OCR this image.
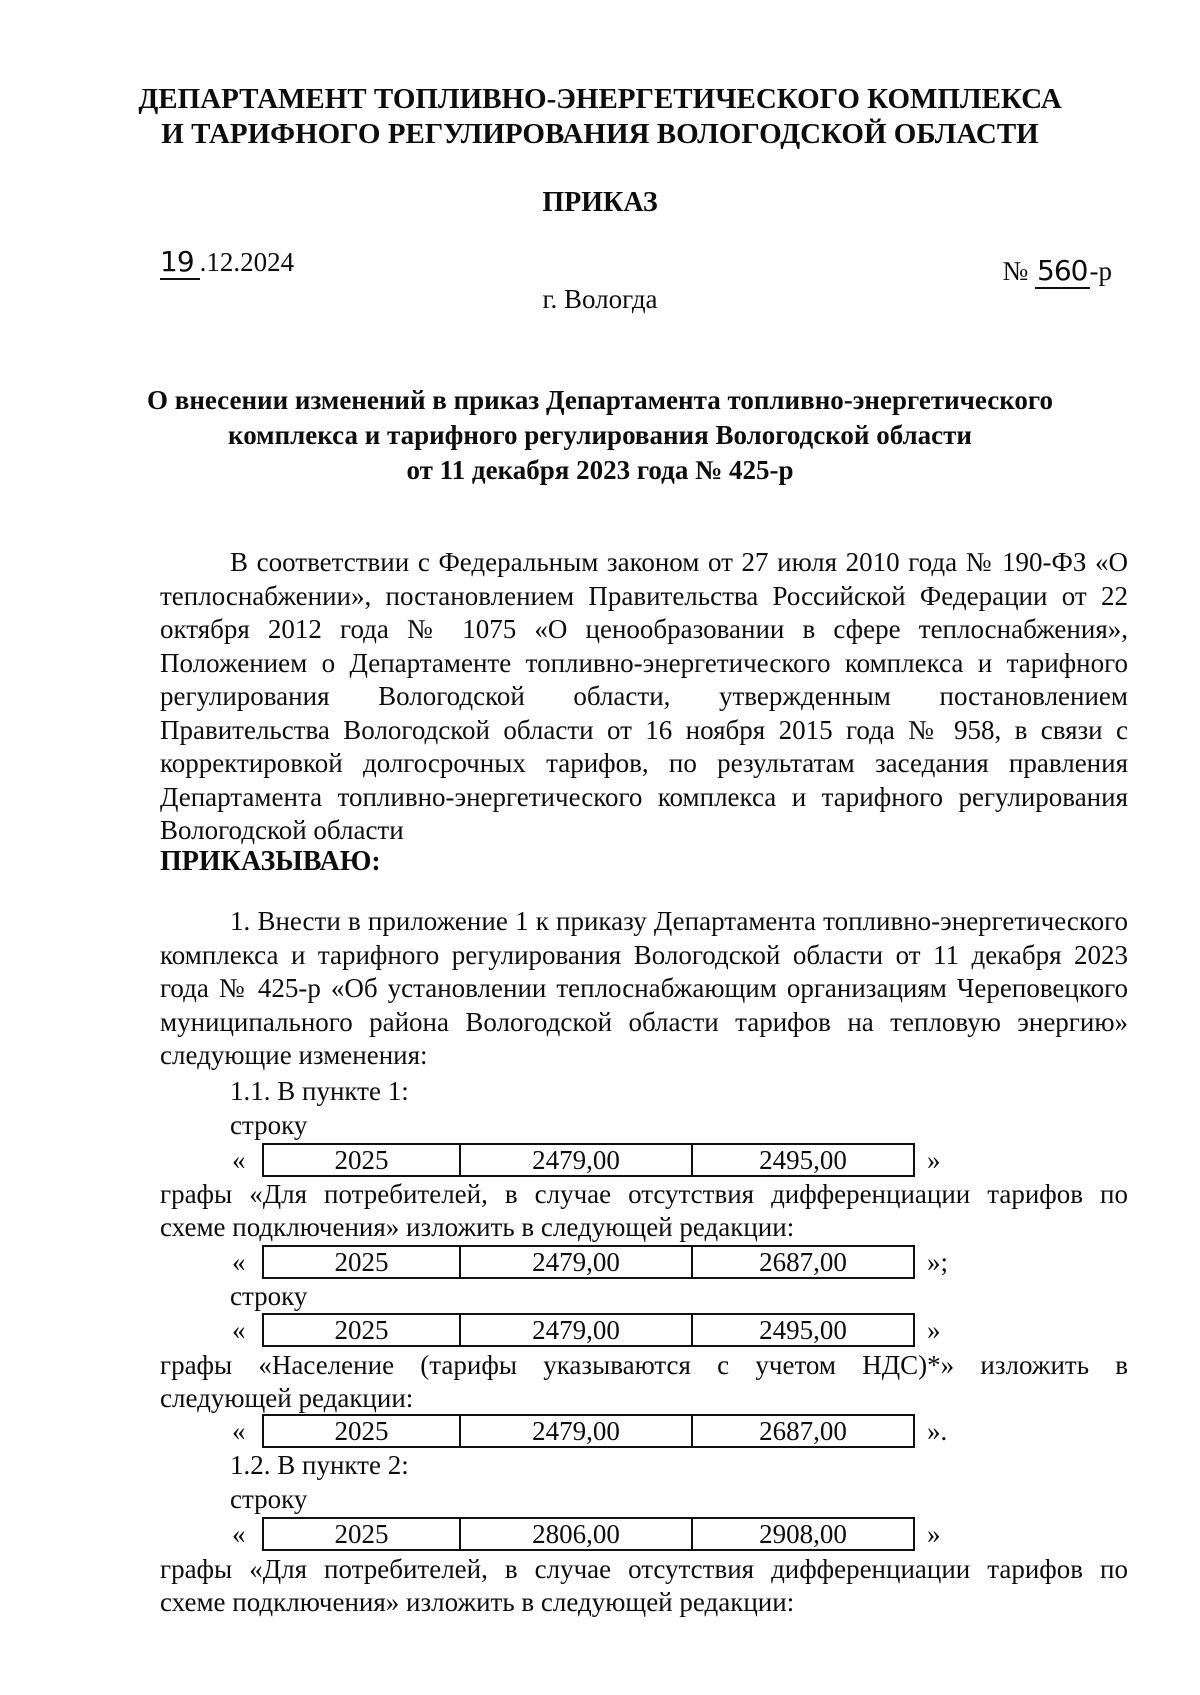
ДЕПАРТАМЕНТ ТОПЛИВНО-ЭНЕРГЕТИЧЕСКОГО КОМПЛЕКСА
И ТАРИФНОГО РЕГУЛИРОВАНИЯ ВОЛОГОДСКОЙ ОБЛАСТИ
ПРИКАЗ
19 .12.2024	№ 560-р
г. Вологда
О внесении изменений в приказ Департамента топливно-энергетического
комплекса и тарифного регулирования Вологодской области
от 11 декабря 2023 года № 425-р
В соответствии с Федеральным законом от 27 июля 2010 года № 190-ФЗ «О теплоснабжении», постановлением Правительства Российской Федерации от 22 октября 2012 года № 1075 «О ценообразовании в сфере теплоснабжения», Положением о Департаменте топливно-энергетического комплекса и тарифного регулирования Вологодской области, утвержденным постановлением Правительства Вологодской области от 16 ноября 2015 года № 958, в связи с корректировкой долгосрочных тарифов, по результатам заседания правления Департамента топливно-энергетического комплекса и тарифного регулирования Вологодской области
ПРИКАЗЫВАЮ:
1. Внести в приложение 1 к приказу Департамента топливно-энергетического комплекса и тарифного регулирования Вологодской области от 11 декабря 2023 года № 425-р «Об установлении теплоснабжающим организациям Череповецкого муниципального района Вологодской области тарифов на тепловую энергию» следующие изменения:
1.1. В пункте 1:
строку
«	2025	2479,00	2495,00	»
графы «Для потребителей, в случае отсутствия дифференциации тарифов по
схеме подключения» изложить в следующей редакции:
«	2025	2479,00	2687,00	»;
строку
«	2025	2479,00	2495,00	»
графы «Население (тарифы указываются с учетом НДС)*» изложить в
следующей редакции:
«	2025	2479,00	2687,00	».
1.2. В пункте 2:
строку
«	2025	2806,00	2908,00	»
графы «Для потребителей, в случае отсутствия дифференциации тарифов по
схеме подключения» изложить в следующей редакции:
